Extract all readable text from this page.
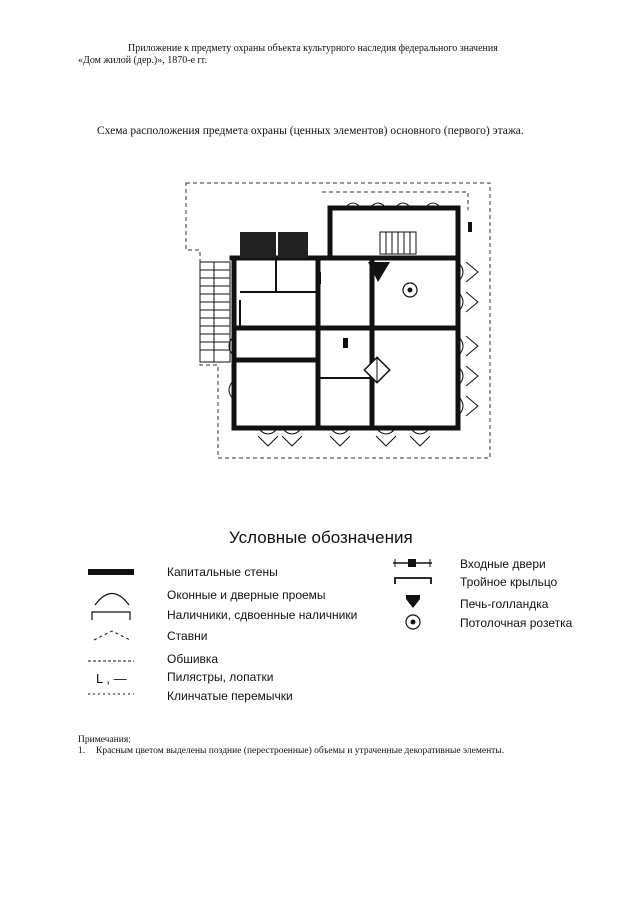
Приложение к предмету охраны объекта культурного наследия федерального значения
«Дом жилой (дер.)», 1870-е гг.
Схема расположения предмета охраны (ценных элементов) основного (первого) этажа.
Условные обозначения
L , —
Капитальные стены
Оконные и дверные проемы
Наличники, сдвоенные наличники
Ставни
Обшивка
Пилястры, лопатки
Клинчатые перемычки
Входные двери
Тройное крыльцо
Печь-голландка
Потолочная розетка
Примечания:
1. Красным цветом выделены поздние (перестроенные) объемы и утраченные декоративные элементы.
